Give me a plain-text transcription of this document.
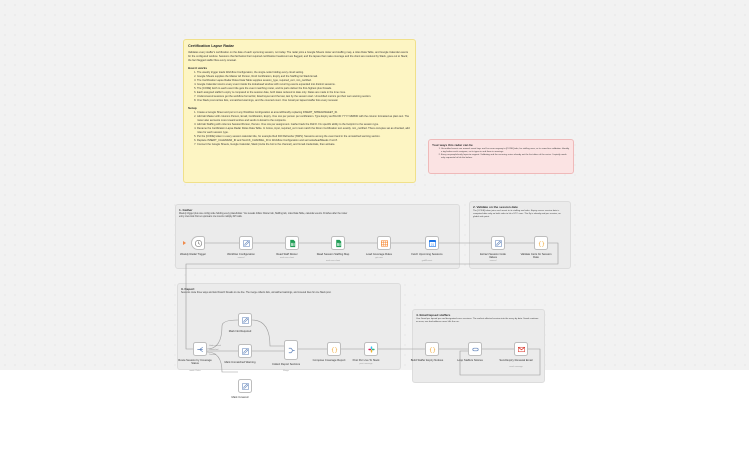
Certification Lapse Radar

Validates every staffer's certification on the date of each upcoming session, not today. The radar joins a Google Sheets roster and staffing map, a roles Data Table, and Google Calendar events for the configured window. Sessions that fail below their required certification headcount are flagged, and the lapses that make coverage and the client are resolved by Slack, goes out to Slack; the fact flagged staffer files every renewal.

How it works
1. The weekly trigger loads Workflow Configuration, the single-node holding every cloud setting.
2. Google Sheets supplies the Master Ad Person, Roof Certification, Expiry and the Staffing list Slack Email.
3. The Certification Lapse Radar Roles Data Table supplies session_type, required_cert, min_certified.
4. Google Calendar returns every event inside the lookahead window with recurring events expanded into distinct sessions.
5. The [CODE] fetch to each event title gets the event matching roster, and its parts deliver the first-highest plus threads.
6. Each assigned staffer's expiry is compared to the session date, both dates reduced to date only. Dates are made in the time zone.
7. Undercovered sessions get the workflow formal list; listed layout and the last, last by the session start. Uncertified metrics get their own warning section.
8. One Slack post carries lists, unmatched warnings, and the covered count. One Gmail per lapsed staffer lists every renewal.
Setup
1. Create a Google Sheet and put to it any Workflow Configuration at around/friendly replacing INSERT_SPREADSHEET_ID.
2. Add tab Master with columns Person, Email, Certification, Expiry. One row per person per certification. Type Expiry as 80s DD YYYY MM/DD with the column formatted as plain text. The roster also accounts more toward entries and sends to Email to the recipients.
3. Add tab Staffing with columns Session/Person, Person. One row per assignment. Gather back the RoFO. Fix specific ability to the footprint to the session type.
4. Rename the Certification Lapse Radar Roles Data Table. In Gross, input, required_cert must match the Room Certification text exactly. min_certified. There occupies set as checked, add roles for each session type.
5. Put the [CODE] token in every session calendar title, for example Red Drill Refresher [NWS]. Sessions among the event land in the unmatched warning section.
6. Replace INSERT_CALENDAR_ID and SLACK_CHANNEL_ID in Workflow Configuration and set lookaheadWeeks if not 8.
7. Connect the Google Sheets, Google Calendar, Slack (invite the bot to the channel), and Gmail credentials, then activate.	Your ways this radar can lie
1. Uncertified events are named: event keys and Lex error-anyway to [CODE] tabs, for staffing rows, or its same-line validation. Identify a tag before each assignee, so its typos in and them in warnings.
2. Every no-people/verify lapse-to-support. Validating and the recurring series already not the first dates of the series. It quietly reads only sequential at Ids the before.
1. Gather

Weekly trigger plus one config node holding every placeholder. You reveals follow: Roster tab, Staffing tab, roles Data Table, calendar events. Finishes after the roster entry rows look first so upstream row counts multiply API calls.

2. Validate on the session date

The [CODE] token joins each event to its staffing and roles. Expiry versus session date is computed date only on both sides to hit a UTC exec. The fly is already and per session, no global safe point.

3. Report

Sessions route three ways and land branch threads to one line. The merge collects lists, unmatched warnings, and covered lines for one Slack post.

4. Email lapsed staffers

One Gmail per lapsed per and designated cross sessions. The earliest affected session into the every by date. Sends continue on error, one bad address never kills the run.

Under covered
Unmatched
Covered
Weekly Radar Trigger	Workflow Configuration
manual
Read Staff Roster
read rows sheet
Read Session Staffing Map
read rows sheet
Load Coverage Rules
get rows
31
Fetch Upcoming Sessions
getAll event
Extract Session Code Values
manual
{}
Validate Certs for Session Date
Route Session by Coverage Status
mode: Rules
Mark Not Required
Mark Unmatched Warning
Mark Covered
Collect Report Sections
Merge
{}
Compose Coverage Report	Post Per Live To Slack
post: message
{}
Build Staffer Expiry Notices	Loop Staffers Notices	Send Expiry Renewal Email
send: message
